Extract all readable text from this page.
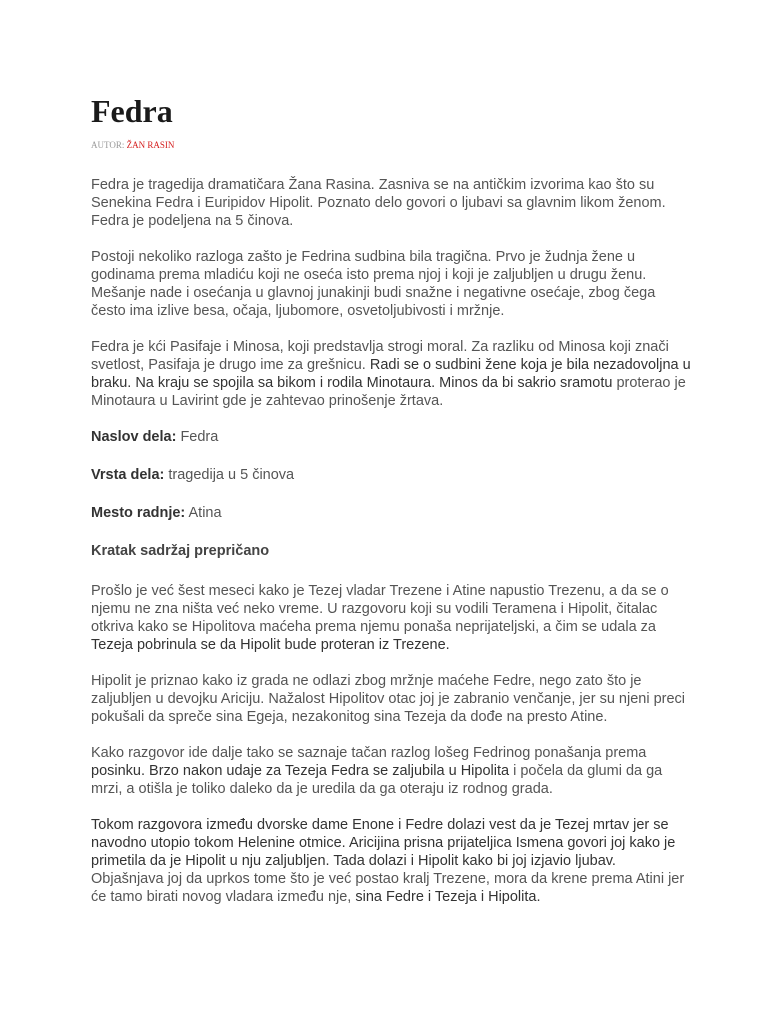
Fedra
AUTOR: ŽAN RASIN

Fedra je tragedija dramatičara Žana Rasina. Zasniva se na antičkim izvorima kao što su Senekina Fedra i Euripidov Hipolit. Poznato delo govori o ljubavi sa glavnim likom ženom. Fedra je podeljena na 5 činova.

Postoji nekoliko razloga zašto je Fedrina sudbina bila tragična. Prvo je žudnja žene u godinama prema mladiću koji ne oseća isto prema njoj i koji je zaljubljen u drugu ženu. Mešanje nade i osećanja u glavnoj junakinji budi snažne i negativne osećaje, zbog čega često ima izlive besa, očaja, ljubomore, osvetoljubivosti i mržnje.

Fedra je kći Pasifaje i Minosa, koji predstavlja strogi moral. Za razliku od Minosa koji znači svetlost, Pasifaja je drugo ime za grešnicu. Radi se o sudbini žene koja je bila nezadovoljna u braku. Na kraju se spojila sa bikom i rodila Minotaura. Minos da bi sakrio sramotu proterao je Minotaura u Lavirint gde je zahtevao prinošenje žrtava.

Naslov dela: Fedra
Vrsta dela: tragedija u 5 činova
Mesto radnje: Atina
Kratak sadržaj prepričano

Prošlo je već šest meseci kako je Tezej vladar Trezene i Atine napustio Trezenu, a da se o njemu ne zna ništa već neko vreme. U razgovoru koji su vodili Teramena i Hipolit, čitalac otkriva kako se Hipolitova maćeha prema njemu ponaša neprijateljski, a čim se udala za Tezeja pobrinula se da Hipolit bude proteran iz Trezene.

Hipolit je priznao kako iz grada ne odlazi zbog mržnje maćehe Fedre, nego zato što je zaljubljen u devojku Ariciju. Nažalost Hipolitov otac joj je zabranio venčanje, jer su njeni preci pokušali da spreče sina Egeja, nezakonitog sina Tezeja da dođe na presto Atine.

Kako razgovor ide dalje tako se saznaje tačan razlog lošeg Fedrinog ponašanja prema posinku. Brzo nakon udaje za Tezeja Fedra se zaljubila u Hipolita i počela da glumi da ga mrzi, a otišla je toliko daleko da je uredila da ga oteraju iz rodnog grada.

Tokom razgovora između dvorske dame Enone i Fedre dolazi vest da je Tezej mrtav jer se navodno utopio tokom Helenine otmice. Aricijina prisna prijateljica Ismena govori joj kako je primetila da je Hipolit u nju zaljubljen. Tada dolazi i Hipolit kako bi joj izjavio ljubav. Objašnjava joj da uprkos tome što je već postao kralj Trezene, mora da krene prema Atini jer će tamo birati novog vladara između nje, sina Fedre i Tezeja i Hipolita.
